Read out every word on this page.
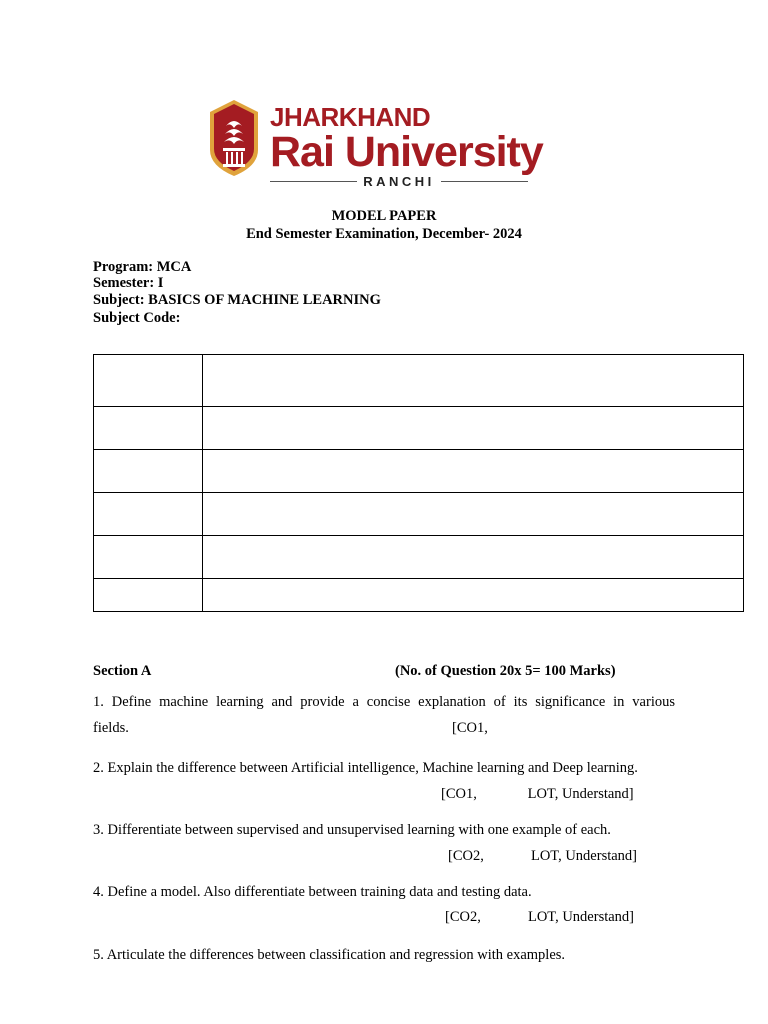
JHARKHAND
Rai University
RANCHI
MODEL PAPER
End Semester Examination, December- 2024
Program: MCA
Semester: I
Subject: BASICS OF MACHINE LEARNING
Subject Code:

Section A	(No. of Question 20x 5= 100 Marks)
1. Define machine learning and provide a concise explanation of its significance in various
fields.	[CO1,
2. Explain the difference between Artificial intelligence, Machine learning and Deep learning.
[CO1,              LOT, Understand]
3. Differentiate between supervised and unsupervised learning with one example of each.
[CO2,             LOT, Understand]
4. Define a model. Also differentiate between training data and testing data.
[CO2,             LOT, Understand]
5. Articulate the differences between classification and regression with examples.
